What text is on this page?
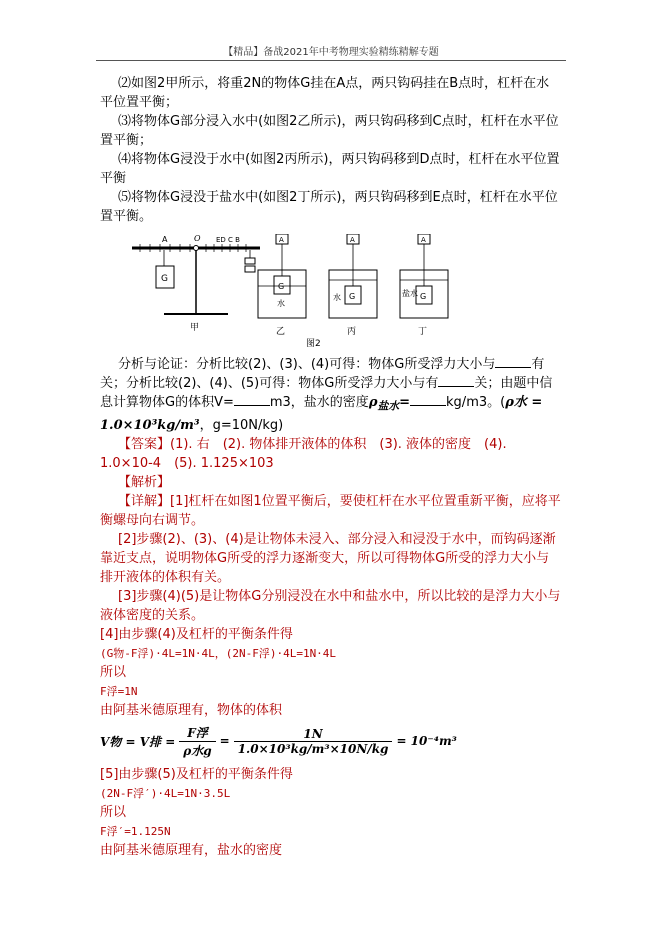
【精品】备战2021年中考物理实验精练精解专题

⑵如图2甲所示，将重2N的物体G挂在A点，两只钩码挂在B点时，杠杆在水平位置平衡；

⑶将物体G部分浸入水中(如图2乙所示)，两只钩码移到C点时，杠杆在水平位置平衡；

⑷将物体G浸没于水中(如图2丙所示)，两只钩码移到D点时，杠杆在水平位置平衡

⑸将物体G浸没于盐水中(如图2丁所示)，两只钩码移到E点时，杠杆在水平位置平衡。

A	O ED C B
G
甲
A
G
水
乙
A
G
水
丙
A
G
盐水
丁
图2

分析与论证：分析比较(2)、(3)、(4)可得：物体G所受浮力大小与	有关；分析比较(2)、(4)、(5)可得：物体G所受浮力大小与有	关；由题中信息计算物体G的体积V=	m3，盐水的密度$\rho_{盐水}=$	kg/m3。(ρ水 = 1.0×10³kg/m³，g=10N/kg)

【答案】(1). 右　(2). 物体排开液体的体积　(3). 液体的密度　(4). 1.0×10-4　(5). 1.125×103

【解析】

【详解】[1]杠杆在如图1位置平衡后，要使杠杆在水平位置重新平衡，应将平衡螺母向右调节。

[2]步骤(2)、(3)、(4)是让物体未浸入、部分浸入和浸没于水中，而钩码逐渐靠近支点，说明物体G所受的浮力逐渐变大，所以可得物体G所受的浮力大小与排开液体的体积有关。

[3]步骤(4)(5)是让物体G分别浸没在水中和盐水中，所以比较的是浮力大小与液体密度的关系。

[4]由步骤(4)及杠杆的平衡条件得

(G物-F浮)·4L=1N·4L，(2N-F浮)·4L=1N·4L

所以

F浮=1N

由阿基米德原理有，物体的体积

V物 = V排 = $\frac{\text{F浮}}{\text{ρ水g}} = \frac{1N}{\text{1.0×10³kg/m³×10N/kg}} = 10^{-4}m^3$

[5]由步骤(5)及杠杆的平衡条件得

(2N-F浮′)·4L=1N·3.5L

所以

F浮′=1.125N

由阿基米德原理有，盐水的密度
